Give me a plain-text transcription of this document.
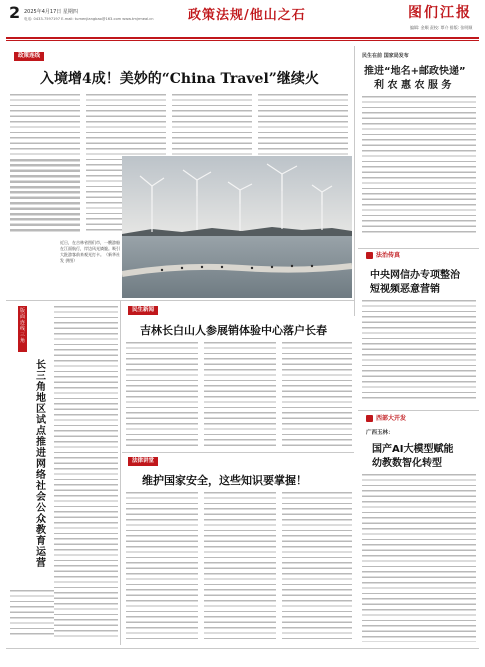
2 2025年4月17日 星期四
电话: 0433-7597197 E-mail: tumenjiangbao@163.com www.tmjrmeal.cn	政策法规/他山之石	图们江报
编辑: 金顺 责校: 覃介 排版: 张明顺
政策连线
入境增4成！美妙的“China Travel”继续火
近日，在吉林省图们市，一艘游船在江面航行，岸边风光旖旎。吸引大批游客前来观光打卡。（新华社发 供图）
版面连线三角
长三角地区试点推进网络社会公众教育运营
民生新闻
吉林长白山人参展销体验中心落户长春
法律讲堂
维护国家安全，这些知识要掌握！
民生在前 国家局发布
推进“地名+邮政快递”
利 农 惠 农 服 务
法治传真
中央网信办专项整治
短视频恶意营销
西部大开发
广西玉林：
国产AI大模型赋能
幼教数智化转型
